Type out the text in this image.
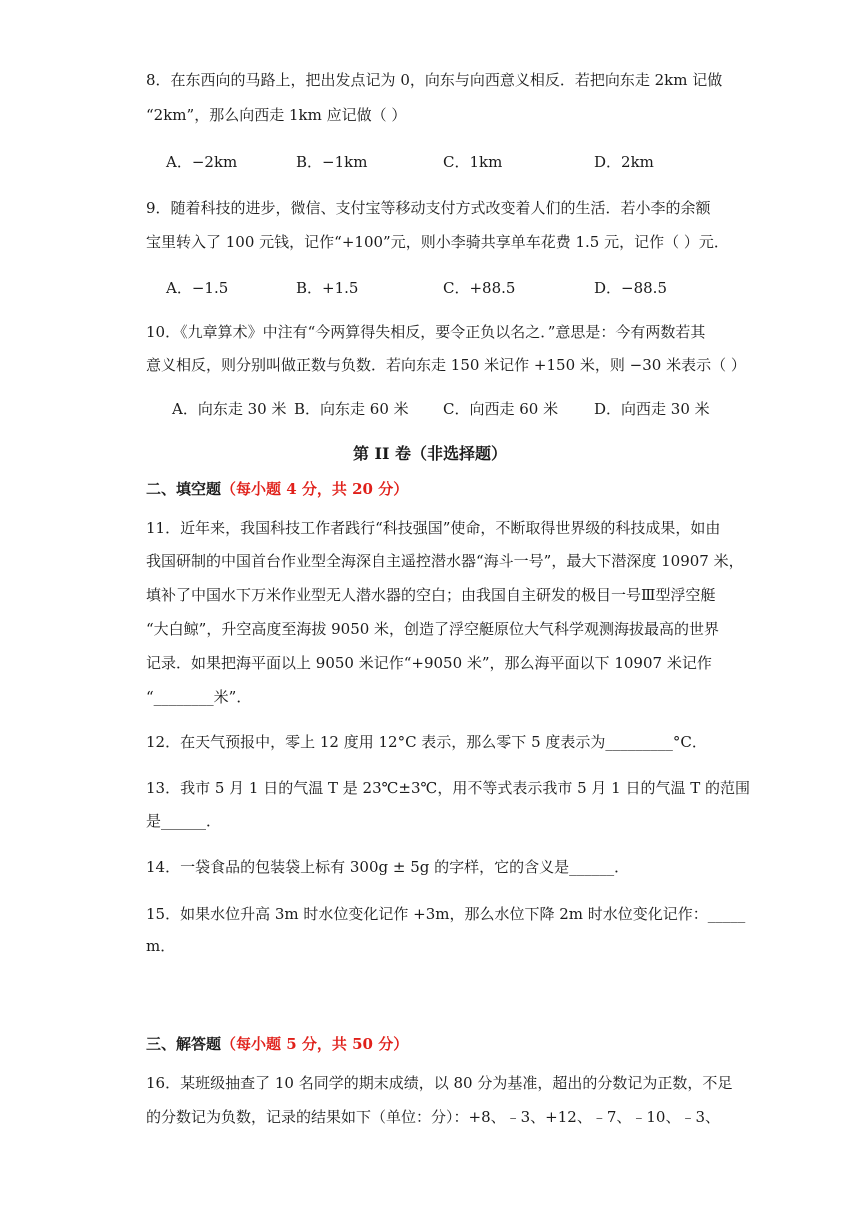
8．在东西向的马路上，把出发点记为 0，向东与向西意义相反．若把向东走 2km 记做
“2km”，那么向西走 1km 应记做（ ）
A．−2km	B．−1km	C．1km	D．2km
9．随着科技的进步，微信、支付宝等移动支付方式改变着人们的生活．若小李的余额
宝里转入了 100 元钱，记作“+100”元，则小李骑共享单车花费 1.5 元，记作（ ）元．
A．−1.5	B．+1.5	C．+88.5	D．−88.5
10．《九章算术》中注有“今两算得失相反，要令正负以名之．”意思是：今有两数若其
意义相反，则分别叫做正数与负数．若向东走 150 米记作 +150 米，则 −30 米表示（ ）
A．向东走 30 米 B．向东走 60 米 C．向西走 60 米 D．向西走 30 米
第 II 卷（非选择题）
二、填空题（每小题 4 分，共 20 分）
11．近年来，我国科技工作者践行“科技强国”使命，不断取得世界级的科技成果，如由
我国研制的中国首台作业型全海深自主遥控潜水器“海斗一号”，最大下潜深度 10907 米，
填补了中国水下万米作业型无人潜水器的空白；由我国自主研发的极目一号Ⅲ型浮空艇
“大白鲸”，升空高度至海拔 9050 米，创造了浮空艇原位大气科学观测海拔最高的世界
记录．如果把海平面以上 9050 米记作“+9050 米”，那么海平面以下 10907 米记作
“________米”．
12．在天气预报中，零上 12 度用 12°C 表示，那么零下 5 度表示为_________°C．
13．我市 5 月 1 日的气温 T 是 23℃±3℃，用不等式表示我市 5 月 1 日的气温 T 的范围
是______．
14．一袋食品的包装袋上标有 300g ± 5g 的字样，它的含义是______．
15．如果水位升高 3m 时水位变化记作 +3m，那么水位下降 2m 时水位变化记作：_____
m．
三、解答题（每小题 5 分，共 50 分）
16．某班级抽查了 10 名同学的期末成绩，以 80 分为基准，超出的分数记为正数，不足
的分数记为负数，记录的结果如下（单位：分）：+8、﹣3、+12、﹣7、﹣10、﹣3、
